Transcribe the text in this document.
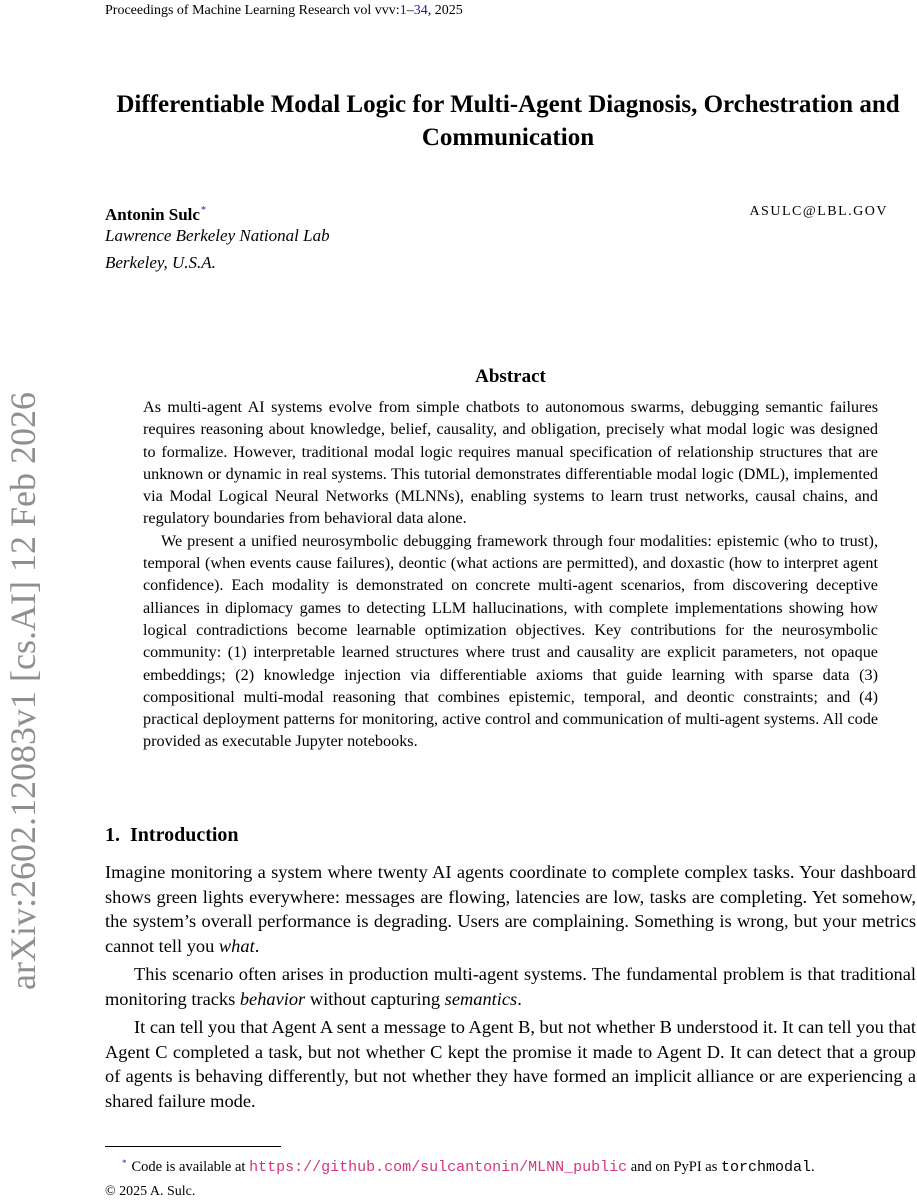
Proceedings of Machine Learning Research vol vvv:1–34, 2025
arXiv:2602.12083v1 [cs.AI] 12 Feb 2026
Differentiable Modal Logic for Multi-Agent Diagnosis, Orchestration and Communication
Antonin Sulc*	ASULC@LBL.GOV
Lawrence Berkeley National Lab
Berkeley, U.S.A.
Abstract

As multi-agent AI systems evolve from simple chatbots to autonomous swarms, debugging semantic failures requires reasoning about knowledge, belief, causality, and obligation, precisely what modal logic was designed to formalize. However, traditional modal logic requires manual specification of relationship structures that are unknown or dynamic in real systems. This tutorial demonstrates differentiable modal logic (DML), implemented via Modal Logical Neural Networks (MLNNs), enabling systems to learn trust networks, causal chains, and regulatory boundaries from behavioral data alone.

We present a unified neurosymbolic debugging framework through four modalities: epistemic (who to trust), temporal (when events cause failures), deontic (what actions are permitted), and doxastic (how to interpret agent confidence). Each modality is demonstrated on concrete multi-agent scenarios, from discovering deceptive alliances in diplomacy games to detecting LLM hallucinations, with complete implementations showing how logical contradictions become learnable optimization objectives. Key contributions for the neurosymbolic community: (1) interpretable learned structures where trust and causality are explicit parameters, not opaque embeddings; (2) knowledge injection via differentiable axioms that guide learning with sparse data (3) compositional multi-modal reasoning that combines epistemic, temporal, and deontic constraints; and (4) practical deployment patterns for monitoring, active control and communication of multi-agent systems. All code provided as executable Jupyter notebooks.

1. Introduction

Imagine monitoring a system where twenty AI agents coordinate to complete complex tasks. Your dashboard shows green lights everywhere: messages are flowing, latencies are low, tasks are completing. Yet somehow, the system’s overall performance is degrading. Users are complaining. Something is wrong, but your metrics cannot tell you what.

This scenario often arises in production multi-agent systems. The fundamental problem is that traditional monitoring tracks behavior without capturing semantics.

It can tell you that Agent A sent a message to Agent B, but not whether B understood it. It can tell you that Agent C completed a task, but not whether C kept the promise it made to Agent D. It can detect that a group of agents is behaving differently, but not whether they have formed an implicit alliance or are experiencing a shared failure mode.

* Code is available at https://github.com/sulcantonin/MLNN_public and on PyPI as torchmodal.
© 2025 A. Sulc.
